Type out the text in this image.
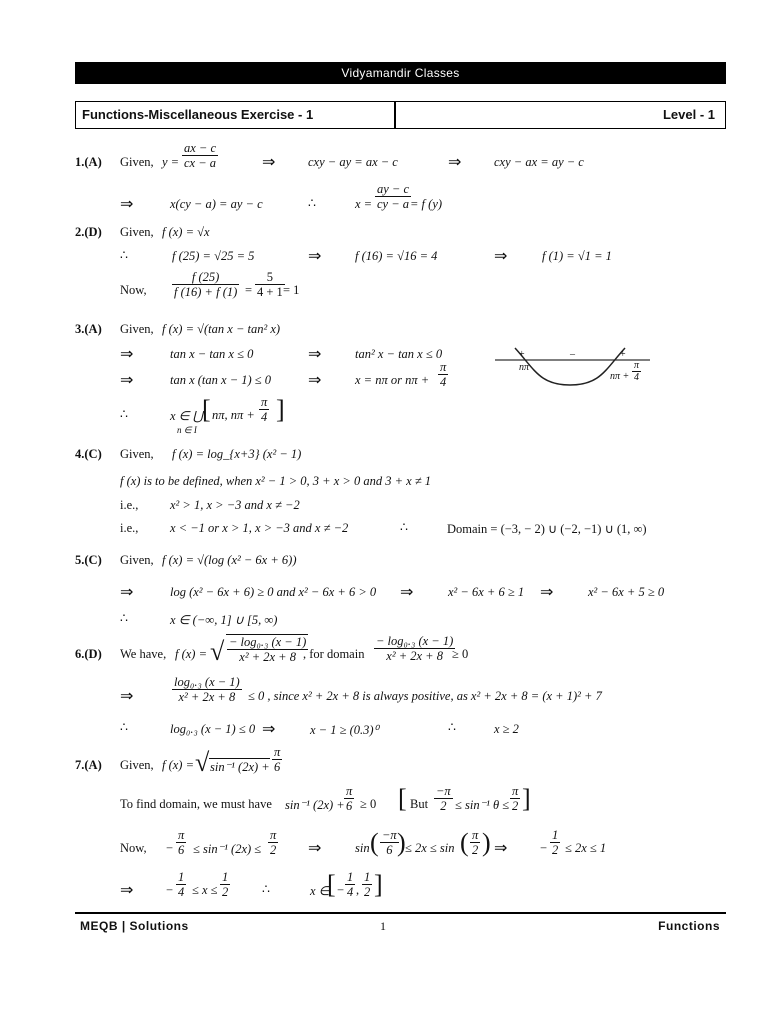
Vidyamandir Classes
Functions-Miscellaneous Exercise - 1	Level - 1
1.(A) Given, $y = \frac{ax - c}{cx - a}$	⇒	cxy − ay = ax − c	⇒	cxy − ax = ay − c
⇒	x(cy − a) = ay − c	∴	$x = \frac{ay - c}{cy - a}$
= f (y)
2.(D) Given, f (x) = √x
∴	f (25) = √25 = 5	⇒	f (16) = √16 = 4	⇒	f (1) = √1 = 1
Now, $\frac{f (25)}{f (16) + f (1)} = \frac{5}{4 + 1}$
= 1
3.(A) Given, f (x) = √(tan x − tan² x)
⇒	tan x − tan x ≤ 0	⇒	tan² x − tan x ≤ 0
⇒	tan x (tan x − 1) ≤ 0 ⇒	x = nπ or $n\pi + \frac{\pi}{4}$
+	–	+
nπ
$n\pi + \frac{\pi}{4}$
∴	x ∈ ⋃
n ∈ I
[ nπ, $n\pi + \frac{\pi}{4}$ ]
4.(C) Given, f (x) = log_{x+3} (x² − 1)
f (x) is to be defined, when x² − 1 > 0, 3 + x > 0 and 3 + x ≠ 1
i.e.,	x² > 1, x > −3 and x ≠ −2
i.e.,	x < −1 or x > 1, x > −3 and x ≠ −2	∴	Domain = (−3, − 2) ∪ (−2, −1) ∪ (1, ∞)
5.(C) Given, f (x) = √(log (x² − 6x + 6))
⇒	log (x² − 6x + 6) ≥ 0 and x² − 6x + 6 > 0 ⇒	x² − 6x + 6 ≥ 1 ⇒	x² − 6x + 5 ≥ 0
∴	x ∈ (−∞, 1] ∪ [5, ∞)
6.(D) We have, f (x) = √ $\frac{\text{− log₀.₃ (x − 1)}}{\text{x² + 2x + 8}}$
, for domain $\frac{\text{− log₀.₃ (x − 1)}}{\text{x² + 2x + 8}}$
≥ 0
⇒	$\frac{\text{log₀.₃ (x − 1)}}{\text{x² + 2x + 8}} \le 0$ , since x² + 2x + 8 is always positive, as x² + 2x + 8 = (x + 1)² + 7
∴	log₀.₃ (x − 1) ≤ 0 ⇒	x − 1 ≥ (0.3)⁰	∴	x ≥ 2
7.(A) Given, f (x) = √ sin⁻¹ $(2x) + \frac{\pi}{6}$
To find domain, we must have sin⁻¹ $(2x) + \frac{\pi}{6} \ge 0$ [ But $\frac{-\pi}{2} \le \sin^{-1}$ $\theta \le \frac{\pi}{2}$ ]
Now, − $\frac{\pi}{6} \le \sin^{-1}$ $(2x) \le \frac{\pi}{2}$ ⇒	sin ( $\frac{-\pi}{6}$
) ≤ 2x ≤ sin ( $\frac{\pi}{2}$ ) ⇒	− $\frac{1}{2} \le 2x \le 1$
⇒	− $\frac{1}{4} \le x \le \frac{1}{2}$	∴	x ∈
[ − $\frac{1}{4}$ , $\frac{1}{2}$ ]
MEQB | Solutions	1	Functions
